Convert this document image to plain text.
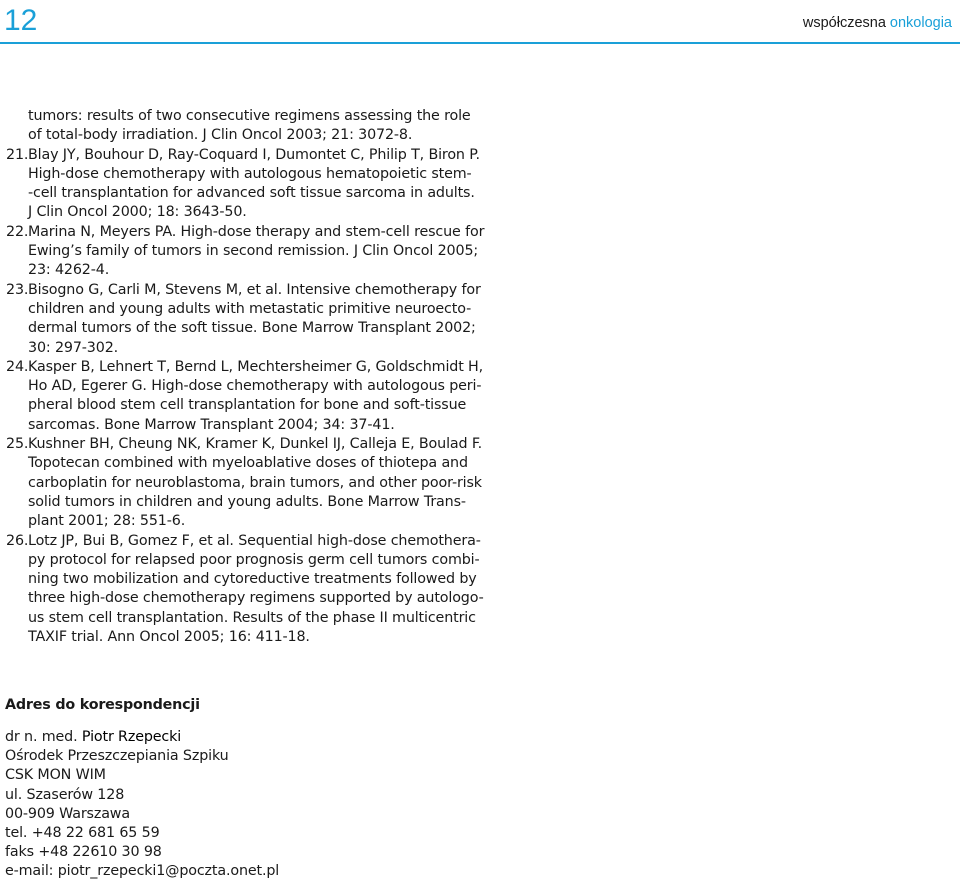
12	współczesna onkologia
tumors: results of two consecutive regimens assessing the role
of total-body irradiation. J Clin Oncol 2003; 21: 3072-8.
21. Blay JY, Bouhour D, Ray-Coquard I, Dumontet C, Philip T, Biron P.
High-dose chemotherapy with autologous hematopoietic stem-
-cell transplantation for advanced soft tissue sarcoma in adults.
J Clin Oncol 2000; 18: 3643-50.
22. Marina N, Meyers PA. High-dose therapy and stem-cell rescue for
Ewing’s family of tumors in second remission. J Clin Oncol 2005;
23: 4262-4.
23. Bisogno G, Carli M, Stevens M, et al. Intensive chemotherapy for
children and young adults with metastatic primitive neuroecto-
dermal tumors of the soft tissue. Bone Marrow Transplant 2002;
30: 297-302.
24. Kasper B, Lehnert T, Bernd L, Mechtersheimer G, Goldschmidt H,
Ho AD, Egerer G. High-dose chemotherapy with autologous peri-
pheral blood stem cell transplantation for bone and soft-tissue
sarcomas. Bone Marrow Transplant 2004; 34: 37-41.
25. Kushner BH, Cheung NK, Kramer K, Dunkel IJ, Calleja E, Boulad F.
Topotecan combined with myeloablative doses of thiotepa and
carboplatin for neuroblastoma, brain tumors, and other poor-risk
solid tumors in children and young adults. Bone Marrow Trans-
plant 2001; 28: 551-6.
26. Lotz JP, Bui B, Gomez F, et al. Sequential high-dose chemothera-
py protocol for relapsed poor prognosis germ cell tumors combi-
ning two mobilization and cytoreductive treatments followed by
three high-dose chemotherapy regimens supported by autologo-
us stem cell transplantation. Results of the phase II multicentric
TAXIF trial. Ann Oncol 2005; 16: 411-18.
Adres do korespondencji
dr n. med. Piotr Rzepecki
Ośrodek Przeszczepiania Szpiku
CSK MON WIM
ul. Szaserów 128
00-909 Warszawa
tel. +48 22 681 65 59
faks +48 22610 30 98
e-mail: piotr_rzepecki1@poczta.onet.pl
